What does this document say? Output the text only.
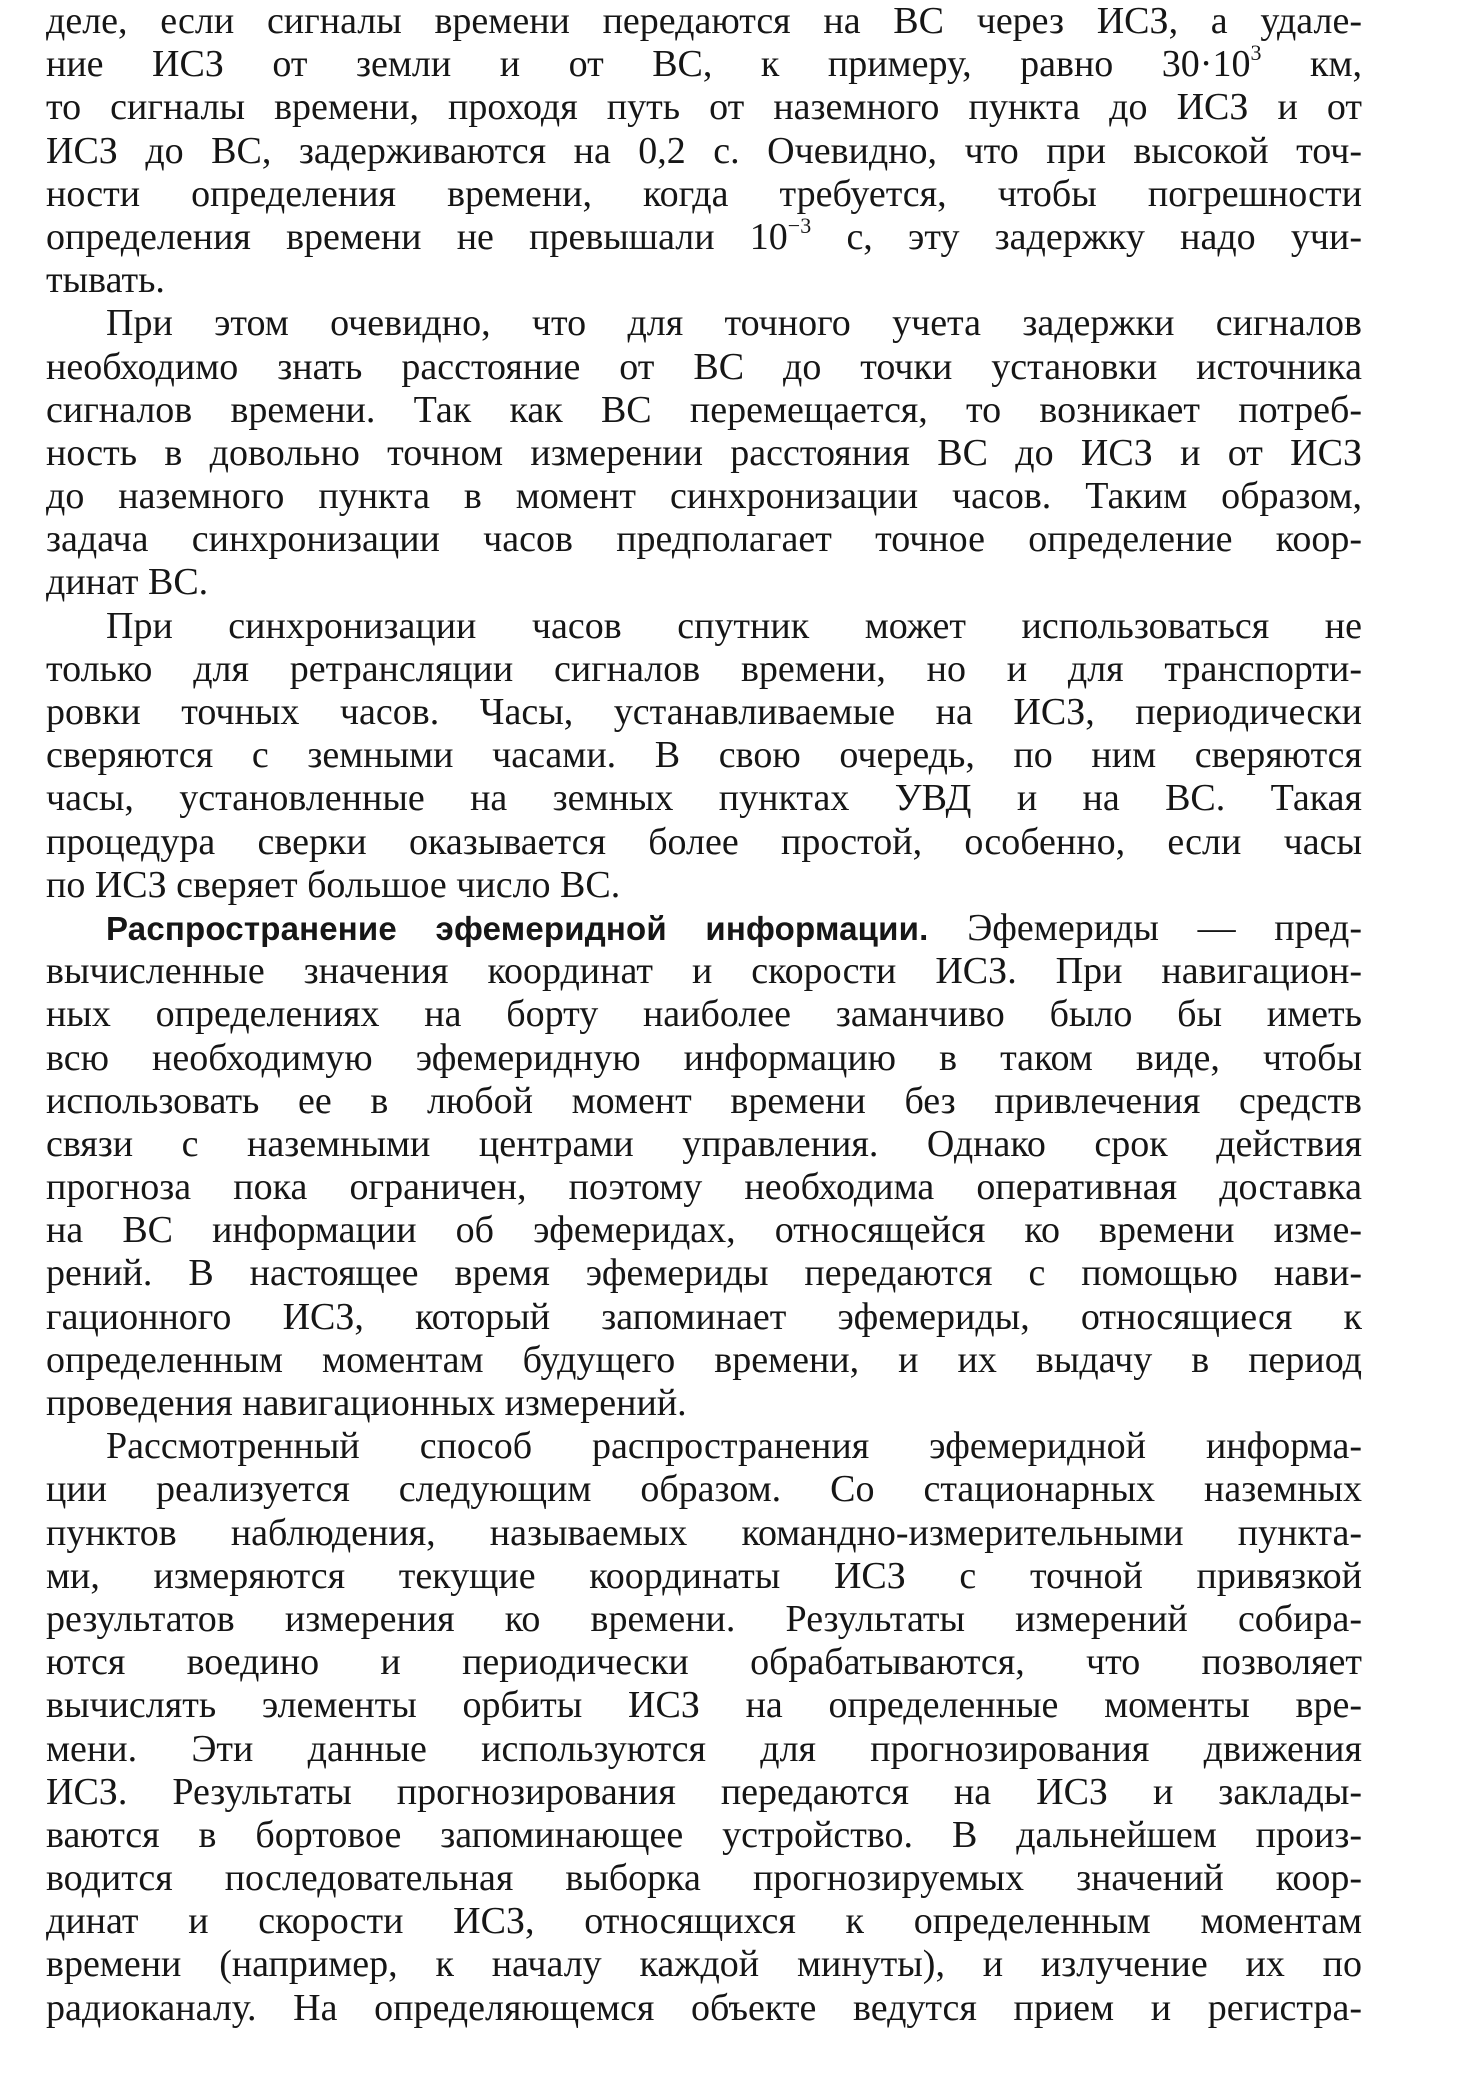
деле, если сигналы времени передаются на ВС через ИСЗ, а удале-
ние ИСЗ от земли и от ВС, к примеру, равно $30\cdot 10^3$ км,
то сигналы времени, проходя путь от наземного пункта до ИСЗ и от
ИСЗ до ВС, задерживаются на 0,2 с. Очевидно, что при высокой точ-
ности определения времени, когда требуется, чтобы погрешности
определения времени не превышали $10^{-3}$ с, эту задержку надо учи-
тывать.
При этом очевидно, что для точного учета задержки сигналов
необходимо знать расстояние от ВС до точки установки источника
сигналов времени. Так как ВС перемещается, то возникает потреб-
ность в довольно точном измерении расстояния ВС до ИСЗ и от ИСЗ
до наземного пункта в момент синхронизации часов. Таким образом,
задача синхронизации часов предполагает точное определение коор-
динат ВС.
При синхронизации часов спутник может использоваться не
только для ретрансляции сигналов времени, но и для транспорти-
ровки точных часов. Часы, устанавливаемые на ИСЗ, периодически
сверяются с земными часами. В свою очередь, по ним сверяются
часы, установленные на земных пунктах УВД и на ВС. Такая
процедура сверки оказывается более простой, особенно, если часы
по ИСЗ сверяет большое число ВС.
Распространение эфемеридной информации. Эфемериды — пред-
вычисленные значения координат и скорости ИСЗ. При навигацион-
ных определениях на борту наиболее заманчиво было бы иметь
всю необходимую эфемеридную информацию в таком виде, чтобы
использовать ее в любой момент времени без привлечения средств
связи с наземными центрами управления. Однако срок действия
прогноза пока ограничен, поэтому необходима оперативная доставка
на ВС информации об эфемеридах, относящейся ко времени изме-
рений. В настоящее время эфемериды передаются с помощью нави-
гационного ИСЗ, который запоминает эфемериды, относящиеся к
определенным моментам будущего времени, и их выдачу в период
проведения навигационных измерений.
Рассмотренный способ распространения эфемеридной информа-
ции реализуется следующим образом. Со стационарных наземных
пунктов наблюдения, называемых командно-измерительными пункта-
ми, измеряются текущие координаты ИСЗ с точной привязкой
результатов измерения ко времени. Результаты измерений собира-
ются воедино и периодически обрабатываются, что позволяет
вычислять элементы орбиты ИСЗ на определенные моменты вре-
мени. Эти данные используются для прогнозирования движения
ИСЗ. Результаты прогнозирования передаются на ИСЗ и заклады-
ваются в бортовое запоминающее устройство. В дальнейшем произ-
водится последовательная выборка прогнозируемых значений коор-
динат и скорости ИСЗ, относящихся к определенным моментам
времени (например, к началу каждой минуты), и излучение их по
радиоканалу. На определяющемся объекте ведутся прием и регистра-
